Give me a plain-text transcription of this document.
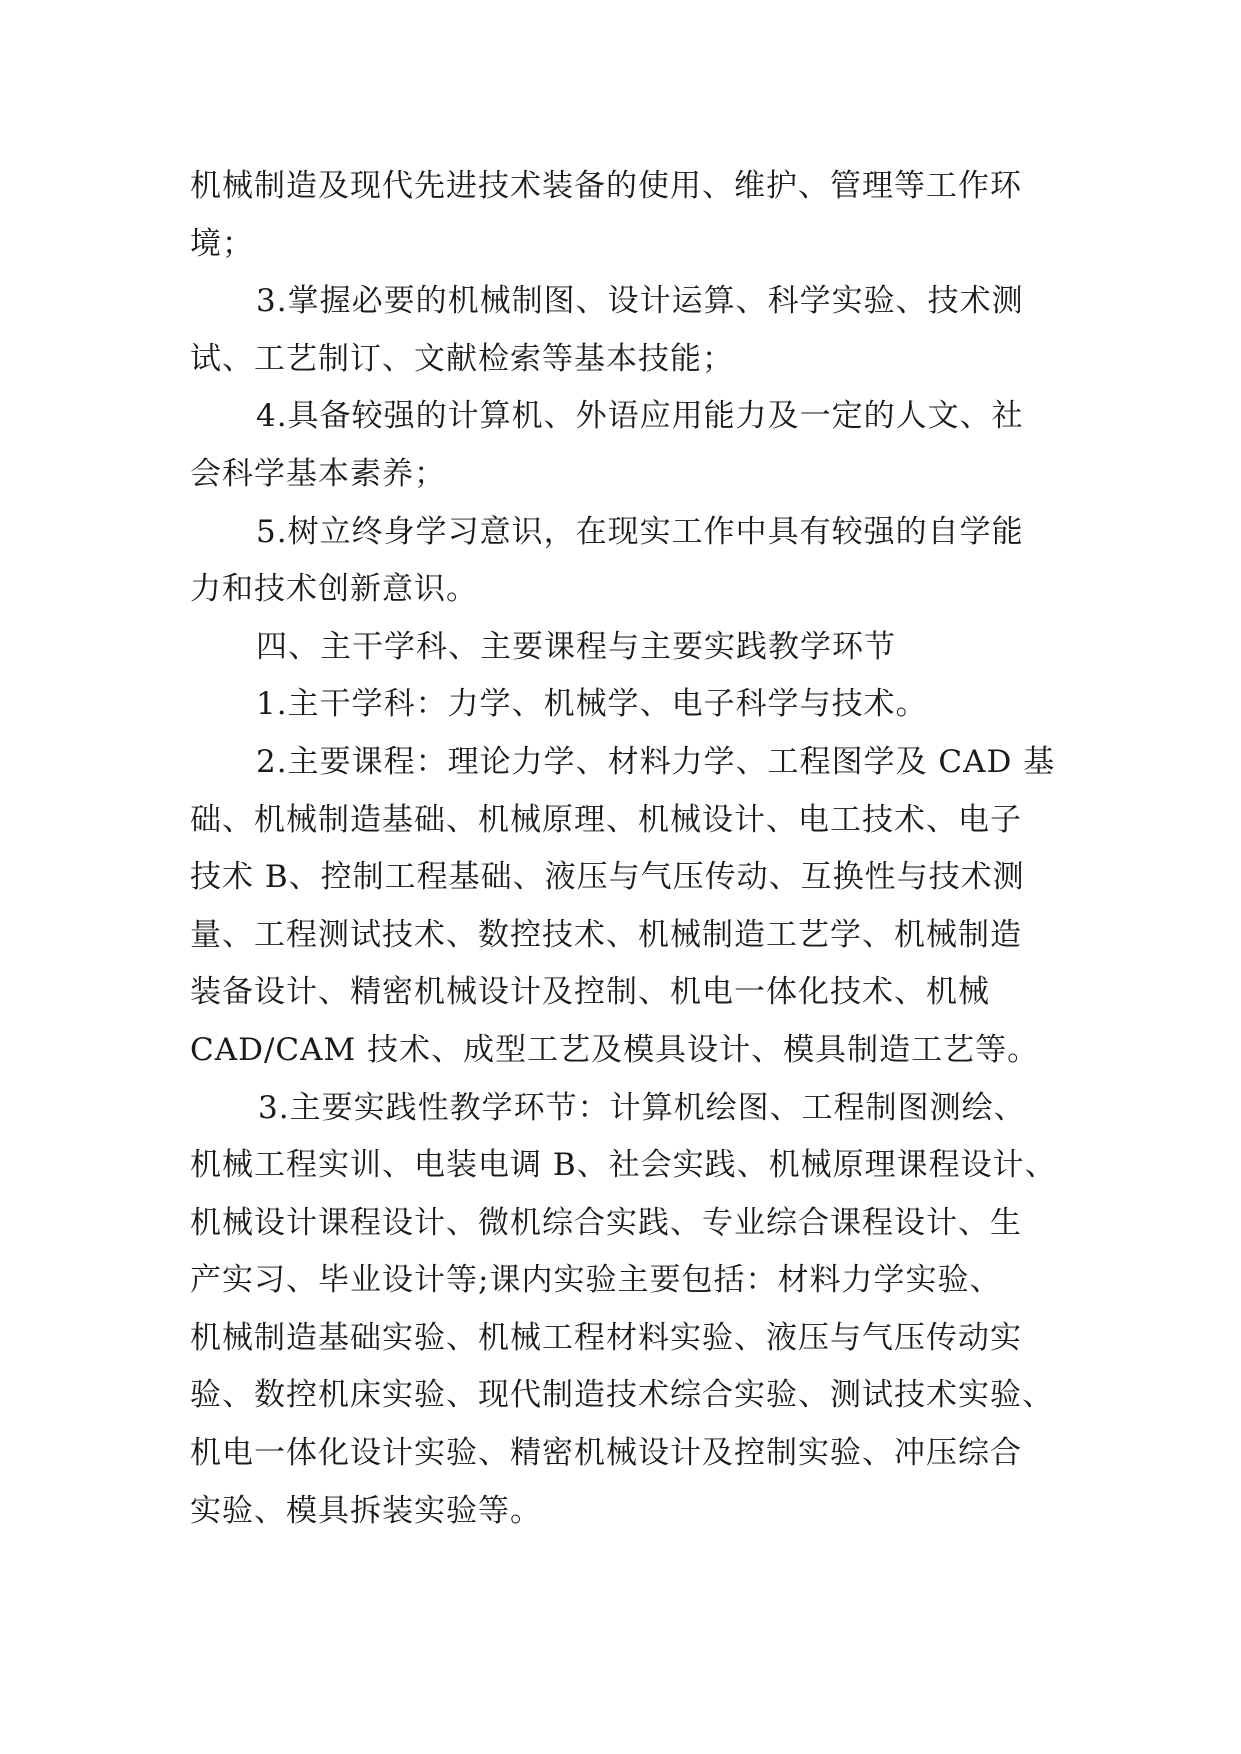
机械制造及现代先进技术装备的使用、维护、管理等工作环
境；
3.掌握必要的机械制图、设计运算、科学实验、技术测
试、工艺制订、文献检索等基本技能；
4.具备较强的计算机、外语应用能力及一定的人文、社
会科学基本素养；
5.树立终身学习意识，在现实工作中具有较强的自学能
力和技术创新意识。
四、主干学科、主要课程与主要实践教学环节
1.主干学科：力学、机械学、电子科学与技术。
2.主要课程：理论力学、材料力学、工程图学及 CAD 基
础、机械制造基础、机械原理、机械设计、电工技术、电子
技术 B、控制工程基础、液压与气压传动、互换性与技术测
量、工程测试技术、数控技术、机械制造工艺学、机械制造
装备设计、精密机械设计及控制、机电一体化技术、机械
CAD/CAM 技术、成型工艺及模具设计、模具制造工艺等。
3.主要实践性教学环节：计算机绘图、工程制图测绘、
机械工程实训、电装电调 B、社会实践、机械原理课程设计、
机械设计课程设计、微机综合实践、专业综合课程设计、生
产实习、毕业设计等;课内实验主要包括：材料力学实验、
机械制造基础实验、机械工程材料实验、液压与气压传动实
验、数控机床实验、现代制造技术综合实验、测试技术实验、
机电一体化设计实验、精密机械设计及控制实验、冲压综合
实验、模具拆装实验等。
